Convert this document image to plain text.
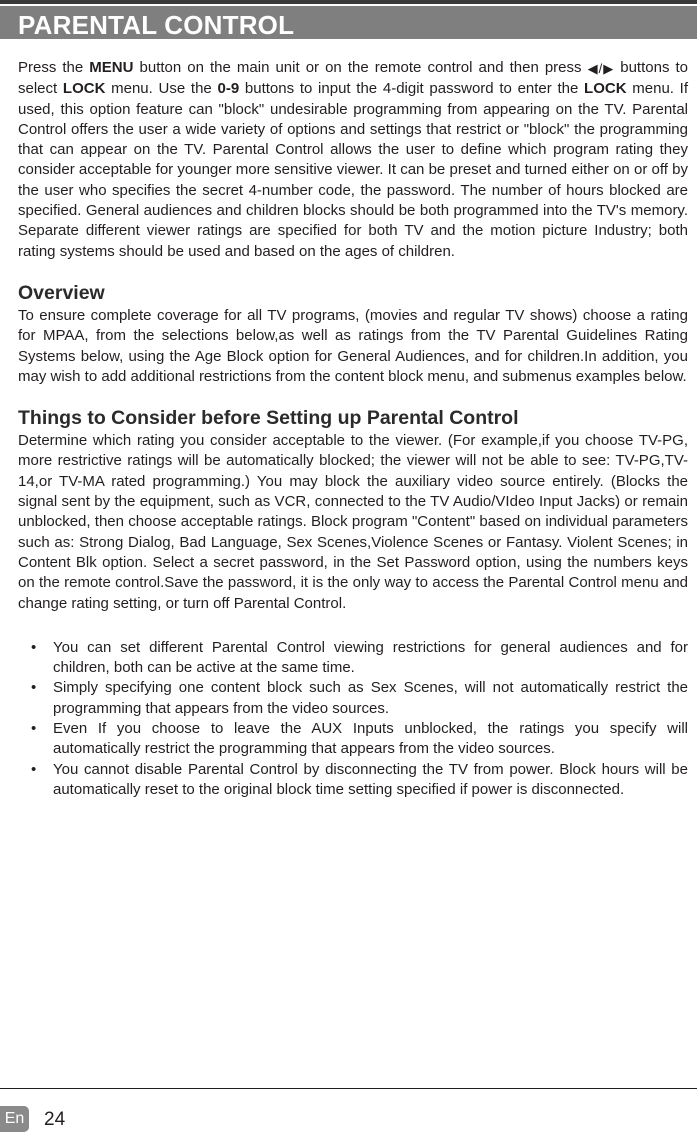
PARENTAL CONTROL

Press the MENU button on the main unit or on the remote control and then press ◀/▶ buttons to select LOCK menu. Use the 0-9 buttons to input the 4-digit password to enter the LOCK menu. If used, this option feature can "block" undesirable programming from appearing on the TV. Parental Control offers the user a wide variety of options and settings that restrict or "block" the programming that can appear on the TV. Parental Control allows the user to define which program rating they consider acceptable for younger more sensitive viewer. It can be preset and turned either on or off by the user who specifies the secret 4-number code, the password. The number of hours blocked are specified. General audiences and children blocks should be both programmed into the TV's memory. Separate different viewer ratings are specified for both TV and the motion picture Industry; both rating systems should be used and based on the ages of children.

Overview

To ensure complete coverage for all TV programs, (movies and regular TV shows) choose a rating for MPAA, from the selections below,as well as ratings from the TV Parental Guidelines Rating Systems below, using the Age Block option for General Audiences, and for children.In addition, you may wish to add additional restrictions from the content block menu, and submenus examples below.

Things to Consider before Setting up Parental Control

Determine which rating you consider acceptable to the viewer. (For example,if you choose TV-PG, more restrictive ratings will be automatically blocked; the viewer will not be able to see: TV-PG,TV-14,or TV-MA rated programming.) You may block the auxiliary video source entirely. (Blocks the signal sent by the equipment, such as VCR, connected to the TV Audio/VIdeo Input Jacks) or remain unblocked, then choose acceptable ratings. Block program "Content" based on individual parameters such as: Strong Dialog, Bad Language, Sex Scenes,Violence Scenes or Fantasy. Violent Scenes; in Content Blk option. Select a secret password, in the Set Password option, using the numbers keys on the remote control.Save the password, it is the only way to access the Parental Control menu and change rating setting, or turn off Parental Control.

• You can set different Parental Control viewing restrictions for general audiences and for children, both can be active at the same time.
• Simply specifying one content block such as Sex Scenes, will not automatically restrict the programming that appears from the video sources.
• Even If you choose to leave the AUX Inputs unblocked, the ratings you specify will automatically restrict the programming that appears from the video sources.
• You cannot disable Parental Control by disconnecting the TV from power. Block hours will be automatically reset to the original block time setting specified if power is disconnected.
En 24
